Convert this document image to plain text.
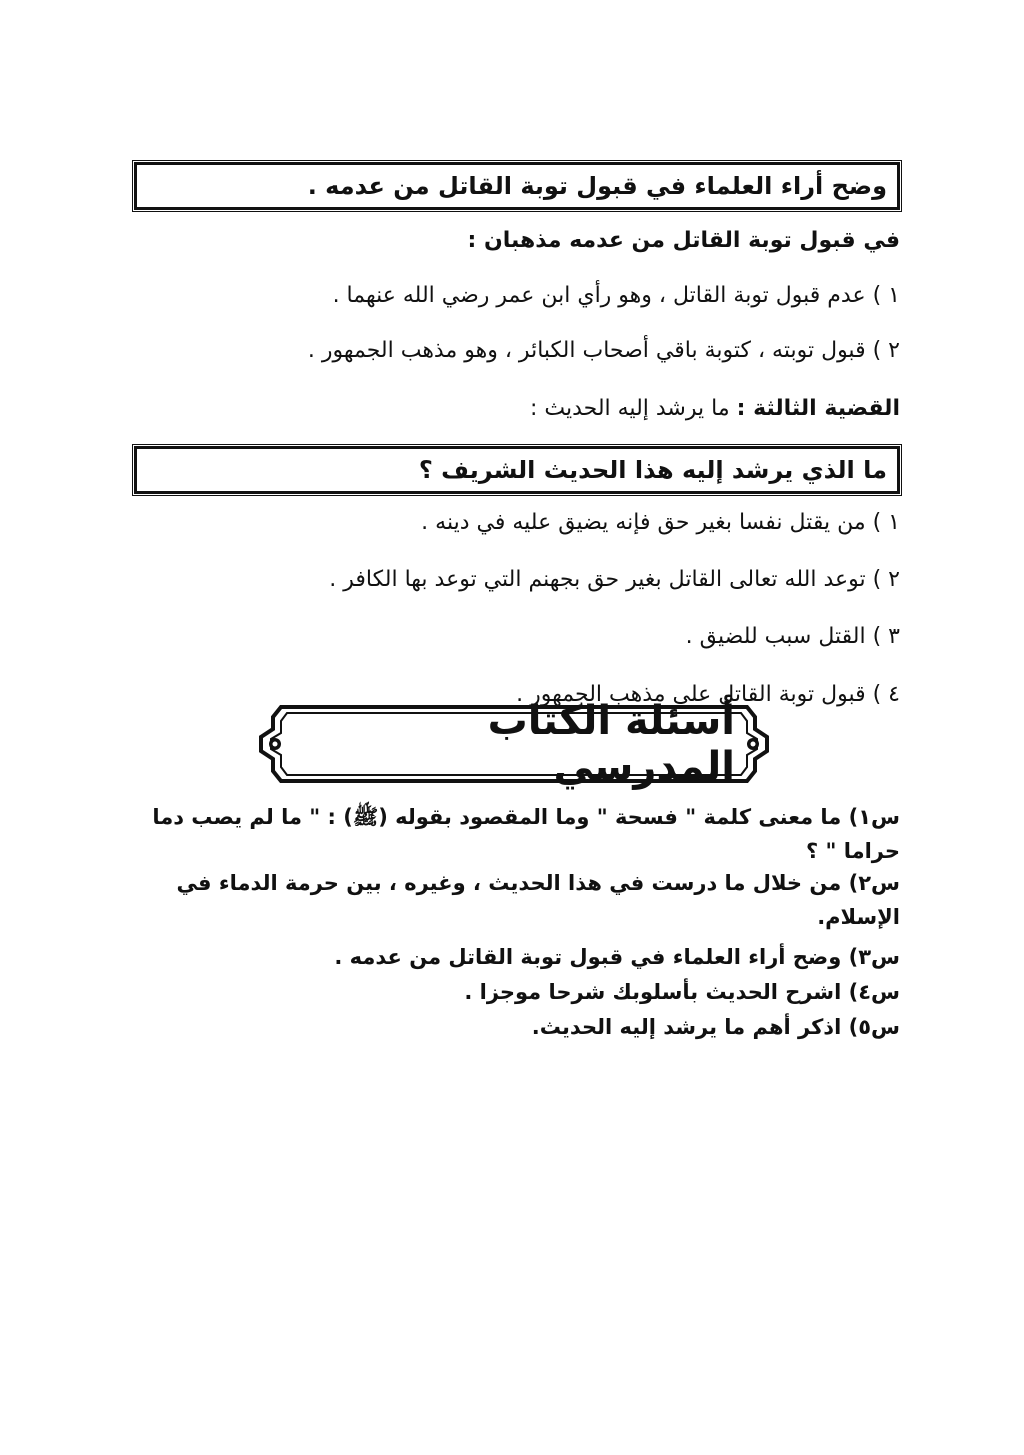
وضح أراء العلماء في قبول توبة القاتل من عدمه .
في قبول توبة القاتل من عدمه مذهبان :
١ ) عدم قبول توبة القاتل ، وهو رأي ابن عمر رضي الله عنهما .
٢ ) قبول توبته ، كتوبة باقي أصحاب الكبائر ، وهو مذهب الجمهور .
القضية الثالثة : ما يرشد إليه الحديث :
ما الذي يرشد إليه هذا الحديث الشريف ؟
١ ) من يقتل نفسا بغير حق فإنه يضيق عليه في دينه .
٢ ) توعد الله تعالى القاتل بغير حق بجهنم التي توعد بها الكافر .
٣ ) القتل سبب للضيق .
٤ ) قبول توبة القاتل على مذهب الجمهور .
أسئلة الكتاب المدرسي
س١) ما معنى كلمة " فسحة " وما المقصود بقوله (ﷺ) : " ما لم يصب دما حراما " ؟
س٢) من خلال ما درست في هذا الحديث ، وغيره ، بين حرمة الدماء في الإسلام.
س٣) وضح أراء العلماء في قبول توبة القاتل من عدمه .
س٤) اشرح الحديث بأسلوبك شرحا موجزا .
س٥) اذكر أهم ما يرشد إليه الحديث.
